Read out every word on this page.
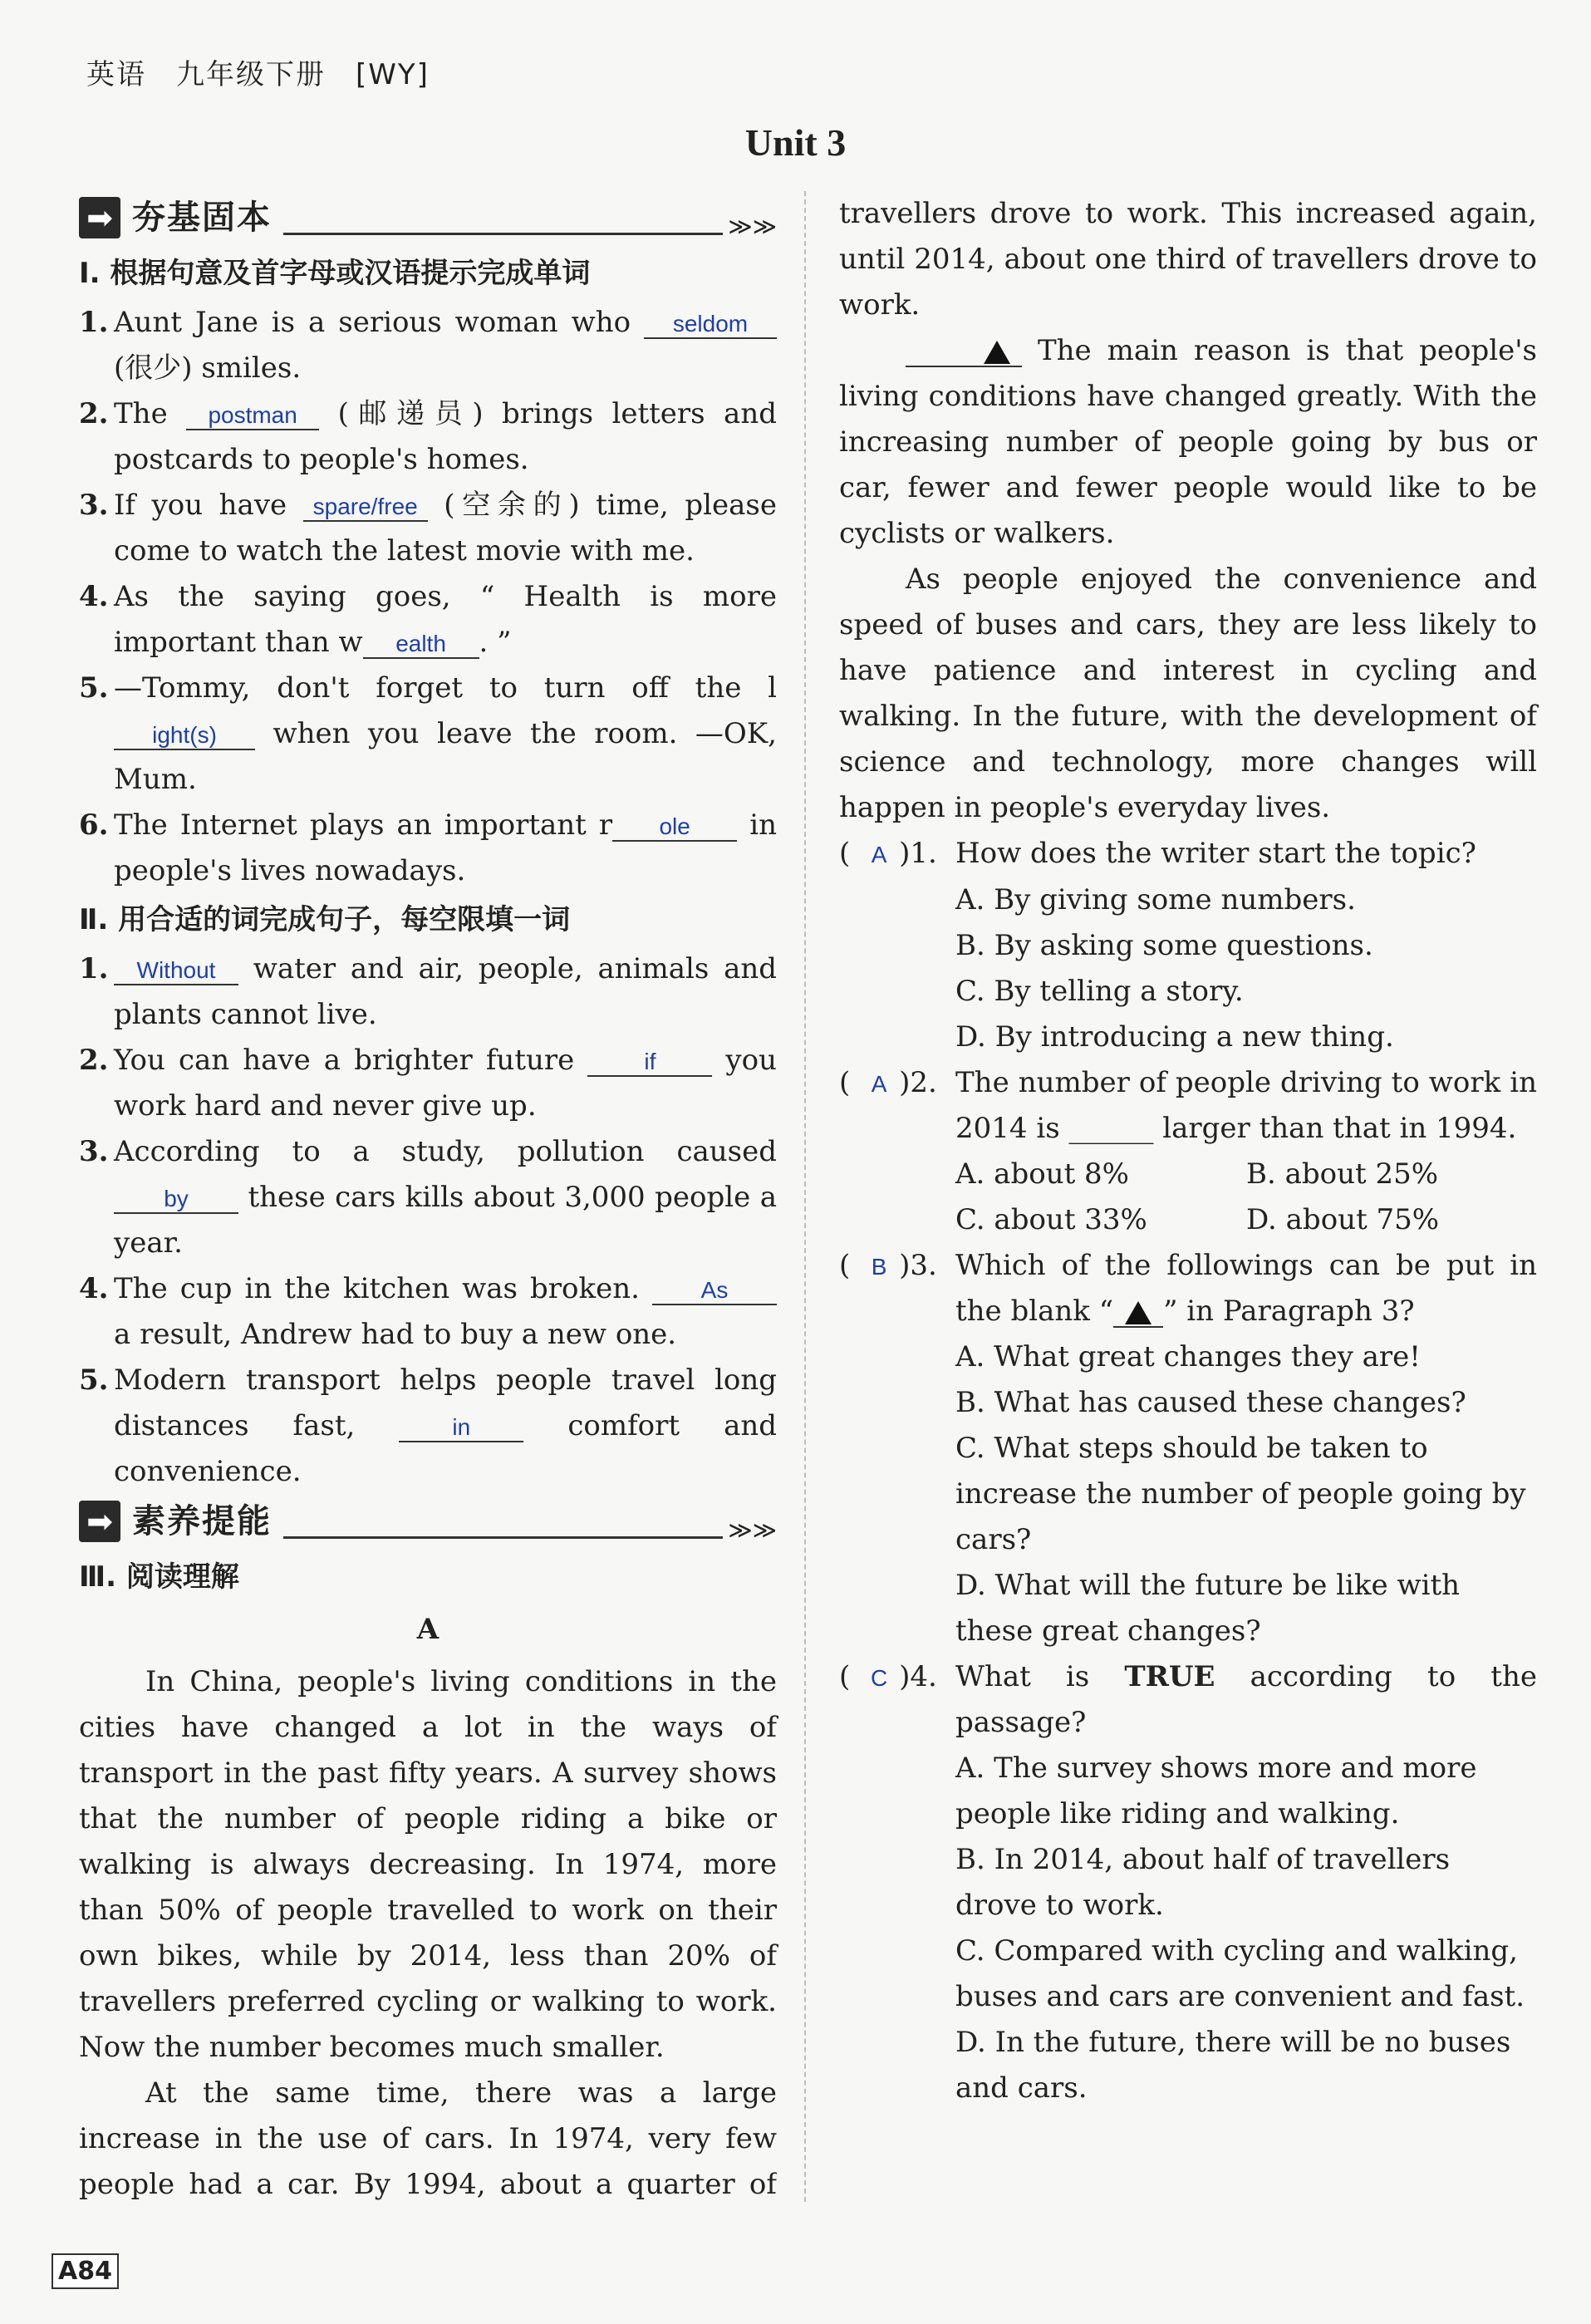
英语　九年级下册　[WY]
Unit 3
➡ 夯基固本	≫≫
Ⅰ. 根据句意及首字母或汉语提示完成单词
1. Aunt Jane is a serious woman who seldom (很少) smiles.
2. The postman (邮递员) brings letters and postcards to people's homes.
3. If you have spare/free (空余的) time, please come to watch the latest movie with me.
4. As the saying goes, “ Health is more important than w ealth . ”
5. —Tommy, don't forget to turn off the light(s) when you leave the room. —OK, Mum.
6. The Internet plays an important r ole in people's lives nowadays.
Ⅱ. 用合适的词完成句子，每空限填一词
1.	Without water and air, people, animals and plants cannot live.
2. You can have a brighter future if you work hard and never give up.
3. According to a study, pollution caused by these cars kills about 3,000 people a year.
4. The cup in the kitchen was broken. As a result, Andrew had to buy a new one.
5. Modern transport helps people travel long distances fast, in comfort and convenience.
➡ 素养提能	≫≫
Ⅲ. 阅读理解
A

In China, people's living conditions in the cities have changed a lot in the ways of transport in the past fifty years. A survey shows that the number of people riding a bike or walking is always decreasing. In 1974, more than 50% of people travelled to work on their own bikes, while by 2014, less than 20% of travellers preferred cycling or walking to work. Now the number becomes much smaller.

At the same time, there was a large increase in the use of cars. In 1974, very few people had a car. By 1994, about a quarter of

travellers drove to work. This increased again, until 2014, about one third of travellers drove to work.

The main reason is that people's living conditions have changed greatly. With the increasing number of people going by bus or car, fewer and fewer people would like to be cyclists or walkers.

As people enjoyed the convenience and speed of buses and cars, they are less likely to have patience and interest in cycling and walking. In the future, with the development of science and technology, more changes will happen in people's everyday lives.

( A )1. How does the writer start the topic?
A. By giving some numbers.
B. By asking some questions.
C. By telling a story.
D. By introducing a new thing.
( A )2. The number of people driving to work in 2014 is ______ larger than that in 1994.
A. about 8%	B. about 25%
C. about 33%	D. about 75%
( B )3. Which of the followings can be put in the blank “ ” in Paragraph 3?
A. What great changes they are!
B. What has caused these changes?
C. What steps should be taken to increase the number of people going by cars?
D. What will the future be like with these great changes?
( C )4. What is TRUE according to the passage?
A. The survey shows more and more people like riding and walking.
B. In 2014, about half of travellers drove to work.
C. Compared with cycling and walking, buses and cars are convenient and fast.
D. In the future, there will be no buses and cars.
A84
